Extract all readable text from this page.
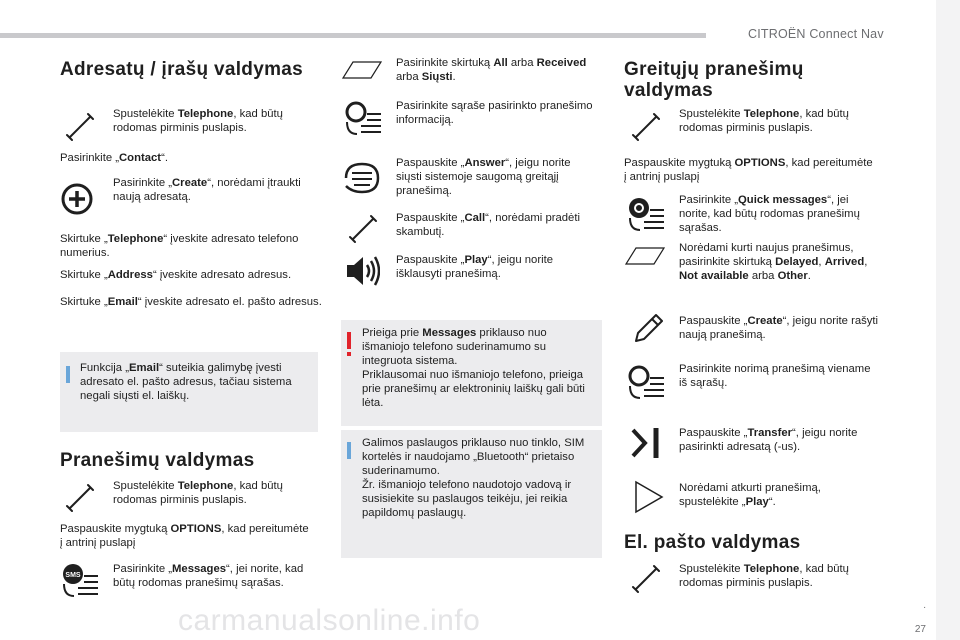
CITROËN Connect Nav
Adresatų / įrašų valdymas
Spustelėkite Telephone, kad būtų rodomas pirminis puslapis.
Pasirinkite „Contact“.
Pasirinkite „Create“, norėdami įtraukti naują adresatą.
Skirtuke „Telephone“ įveskite adresato telefono numerius.
Skirtuke „Address“ įveskite adresato adresus.
Skirtuke „Email“ įveskite adresato el. pašto adresus.
Funkcija „Email“ suteikia galimybę įvesti adresato el. pašto adresus, tačiau sistema negali siųsti el. laiškų.
Pranešimų valdymas
Spustelėkite Telephone, kad būtų rodomas pirminis puslapis.
Paspauskite mygtuką OPTIONS, kad pereitumėte į antrinį puslapį
SMS
Pasirinkite „Messages“, jei norite, kad būtų rodomas pranešimų sąrašas.
Pasirinkite skirtuką All arba Received arba Siųsti.
Pasirinkite sąraše pasirinkto pranešimo informaciją.
Paspauskite „Answer“, jeigu norite siųsti sistemoje saugomą greitąjį pranešimą.
Paspauskite „Call“, norėdami pradėti skambutį.
Paspauskite „Play“, jeigu norite išklausyti pranešimą.
Prieiga prie Messages priklauso nuo išmaniojo telefono suderinamumo su integruota sistema.
Priklausomai nuo išmaniojo telefono, prieiga prie pranešimų ar elektroninių laiškų gali būti lėta.
Galimos paslaugos priklauso nuo tinklo, SIM kortelės ir naudojamo „Bluetooth“ prietaiso suderinamumo.
Žr. išmaniojo telefono naudotojo vadovą ir susisiekite su paslaugos teikėju, jei reikia papildomų paslaugų.
Greitųjų pranešimų valdymas
Spustelėkite Telephone, kad būtų rodomas pirminis puslapis.
Paspauskite mygtuką OPTIONS, kad pereitumėte į antrinį puslapį
Pasirinkite „Quick messages“, jei norite, kad būtų rodomas pranešimų sąrašas.
Norėdami kurti naujus pranešimus, pasirinkite skirtuką Delayed, Arrived, Not available arba Other.
Paspauskite „Create“, jeigu norite rašyti naują pranešimą.
Pasirinkite norimą pranešimą viename iš sąrašų.
Paspauskite „Transfer“, jeigu norite pasirinkti adresatą (-us).
Norėdami atkurti pranešimą, spustelėkite „Play“.
El. pašto valdymas
Spustelėkite Telephone, kad būtų rodomas pirminis puslapis.
carmanualsonline.info	.
27
